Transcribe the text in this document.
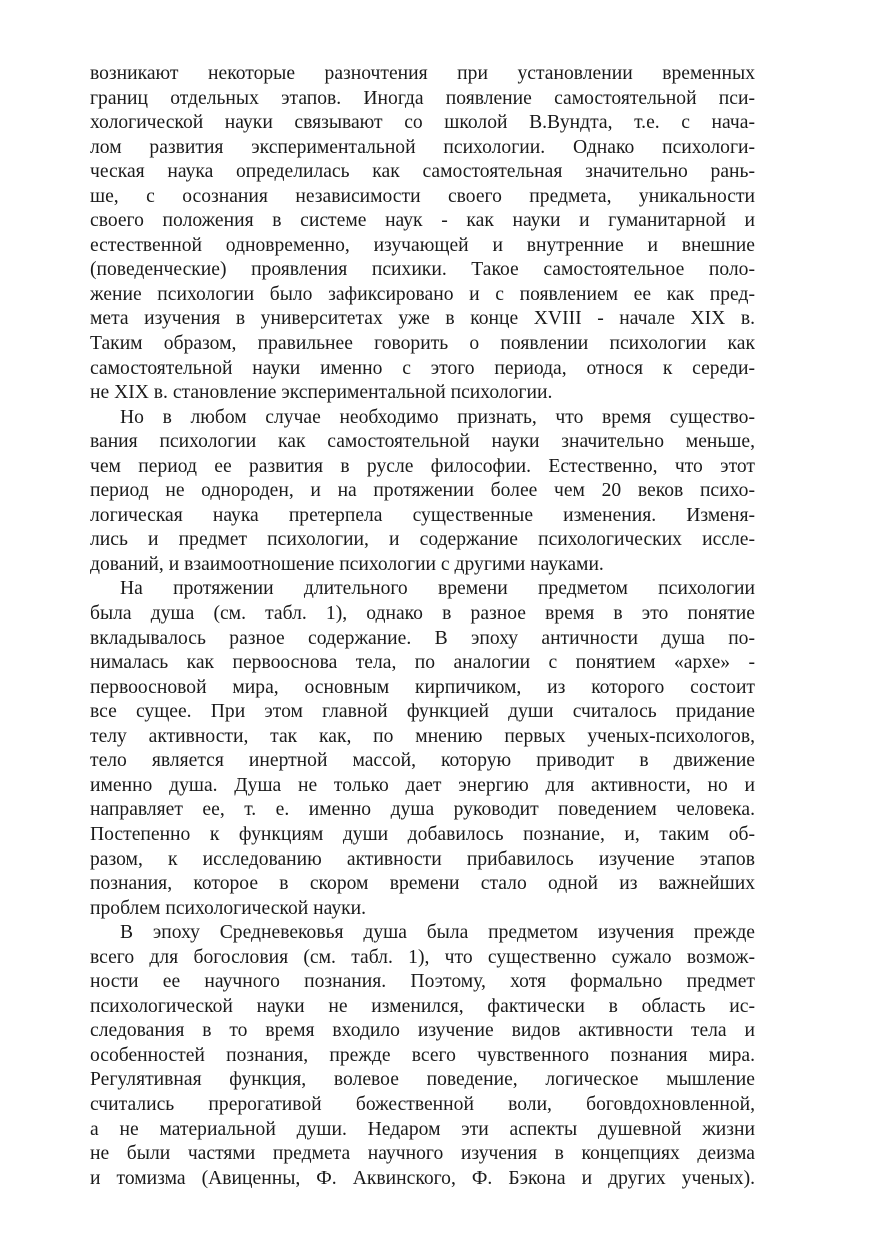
возникают некоторые разночтения при установлении временных
границ отдельных этапов. Иногда появление самостоятельной пси-
хологической науки связывают со школой В.Вундта, т.е. с нача-
лом развития экспериментальной психологии. Однако психологи-
ческая наука определилась как самостоятельная значительно рань-
ше, с осознания независимости своего предмета, уникальности
своего положения в системе наук - как науки и гуманитарной и
естественной одновременно, изучающей и внутренние и внешние
(поведенческие) проявления психики. Такое самостоятельное поло-
жение психологии было зафиксировано и с появлением ее как пред-
мета изучения в университетах уже в конце XVIII - начале XIX в.
Таким образом, правильнее говорить о появлении психологии как
самостоятельной науки именно с этого периода, относя к середи-
не XIX в. становление экспериментальной психологии.
Но в любом случае необходимо признать, что время существо-
вания психологии как самостоятельной науки значительно меньше,
чем период ее развития в русле философии. Естественно, что этот
период не однороден, и на протяжении более чем 20 веков психо-
логическая наука претерпела существенные изменения. Изменя-
лись и предмет психологии, и содержание психологических иссле-
дований, и взаимоотношение психологии с другими науками.
На протяжении длительного времени предметом психологии
была душа (см. табл. 1), однако в разное время в это понятие
вкладывалось разное содержание. В эпоху античности душа по-
нималась как первооснова тела, по аналогии с понятием «архе» -
первоосновой мира, основным кирпичиком, из которого состоит
все сущее. При этом главной функцией души считалось придание
телу активности, так как, по мнению первых ученых-психологов,
тело является инертной массой, которую приводит в движение
именно душа. Душа не только дает энергию для активности, но и
направляет ее, т. е. именно душа руководит поведением человека.
Постепенно к функциям души добавилось познание, и, таким об-
разом, к исследованию активности прибавилось изучение этапов
познания, которое в скором времени стало одной из важнейших
проблем психологической науки.
В эпоху Средневековья душа была предметом изучения прежде
всего для богословия (см. табл. 1), что существенно сужало возмож-
ности ее научного познания. Поэтому, хотя формально предмет
психологической науки не изменился, фактически в область ис-
следования в то время входило изучение видов активности тела и
особенностей познания, прежде всего чувственного познания мира.
Регулятивная функция, волевое поведение, логическое мышление
считались прерогативой божественной воли, боговдохновленной,
а не материальной души. Недаром эти аспекты душевной жизни
не были частями предмета научного изучения в концепциях деизма
и томизма (Авиценны, Ф. Аквинского, Ф. Бэкона и других ученых).
